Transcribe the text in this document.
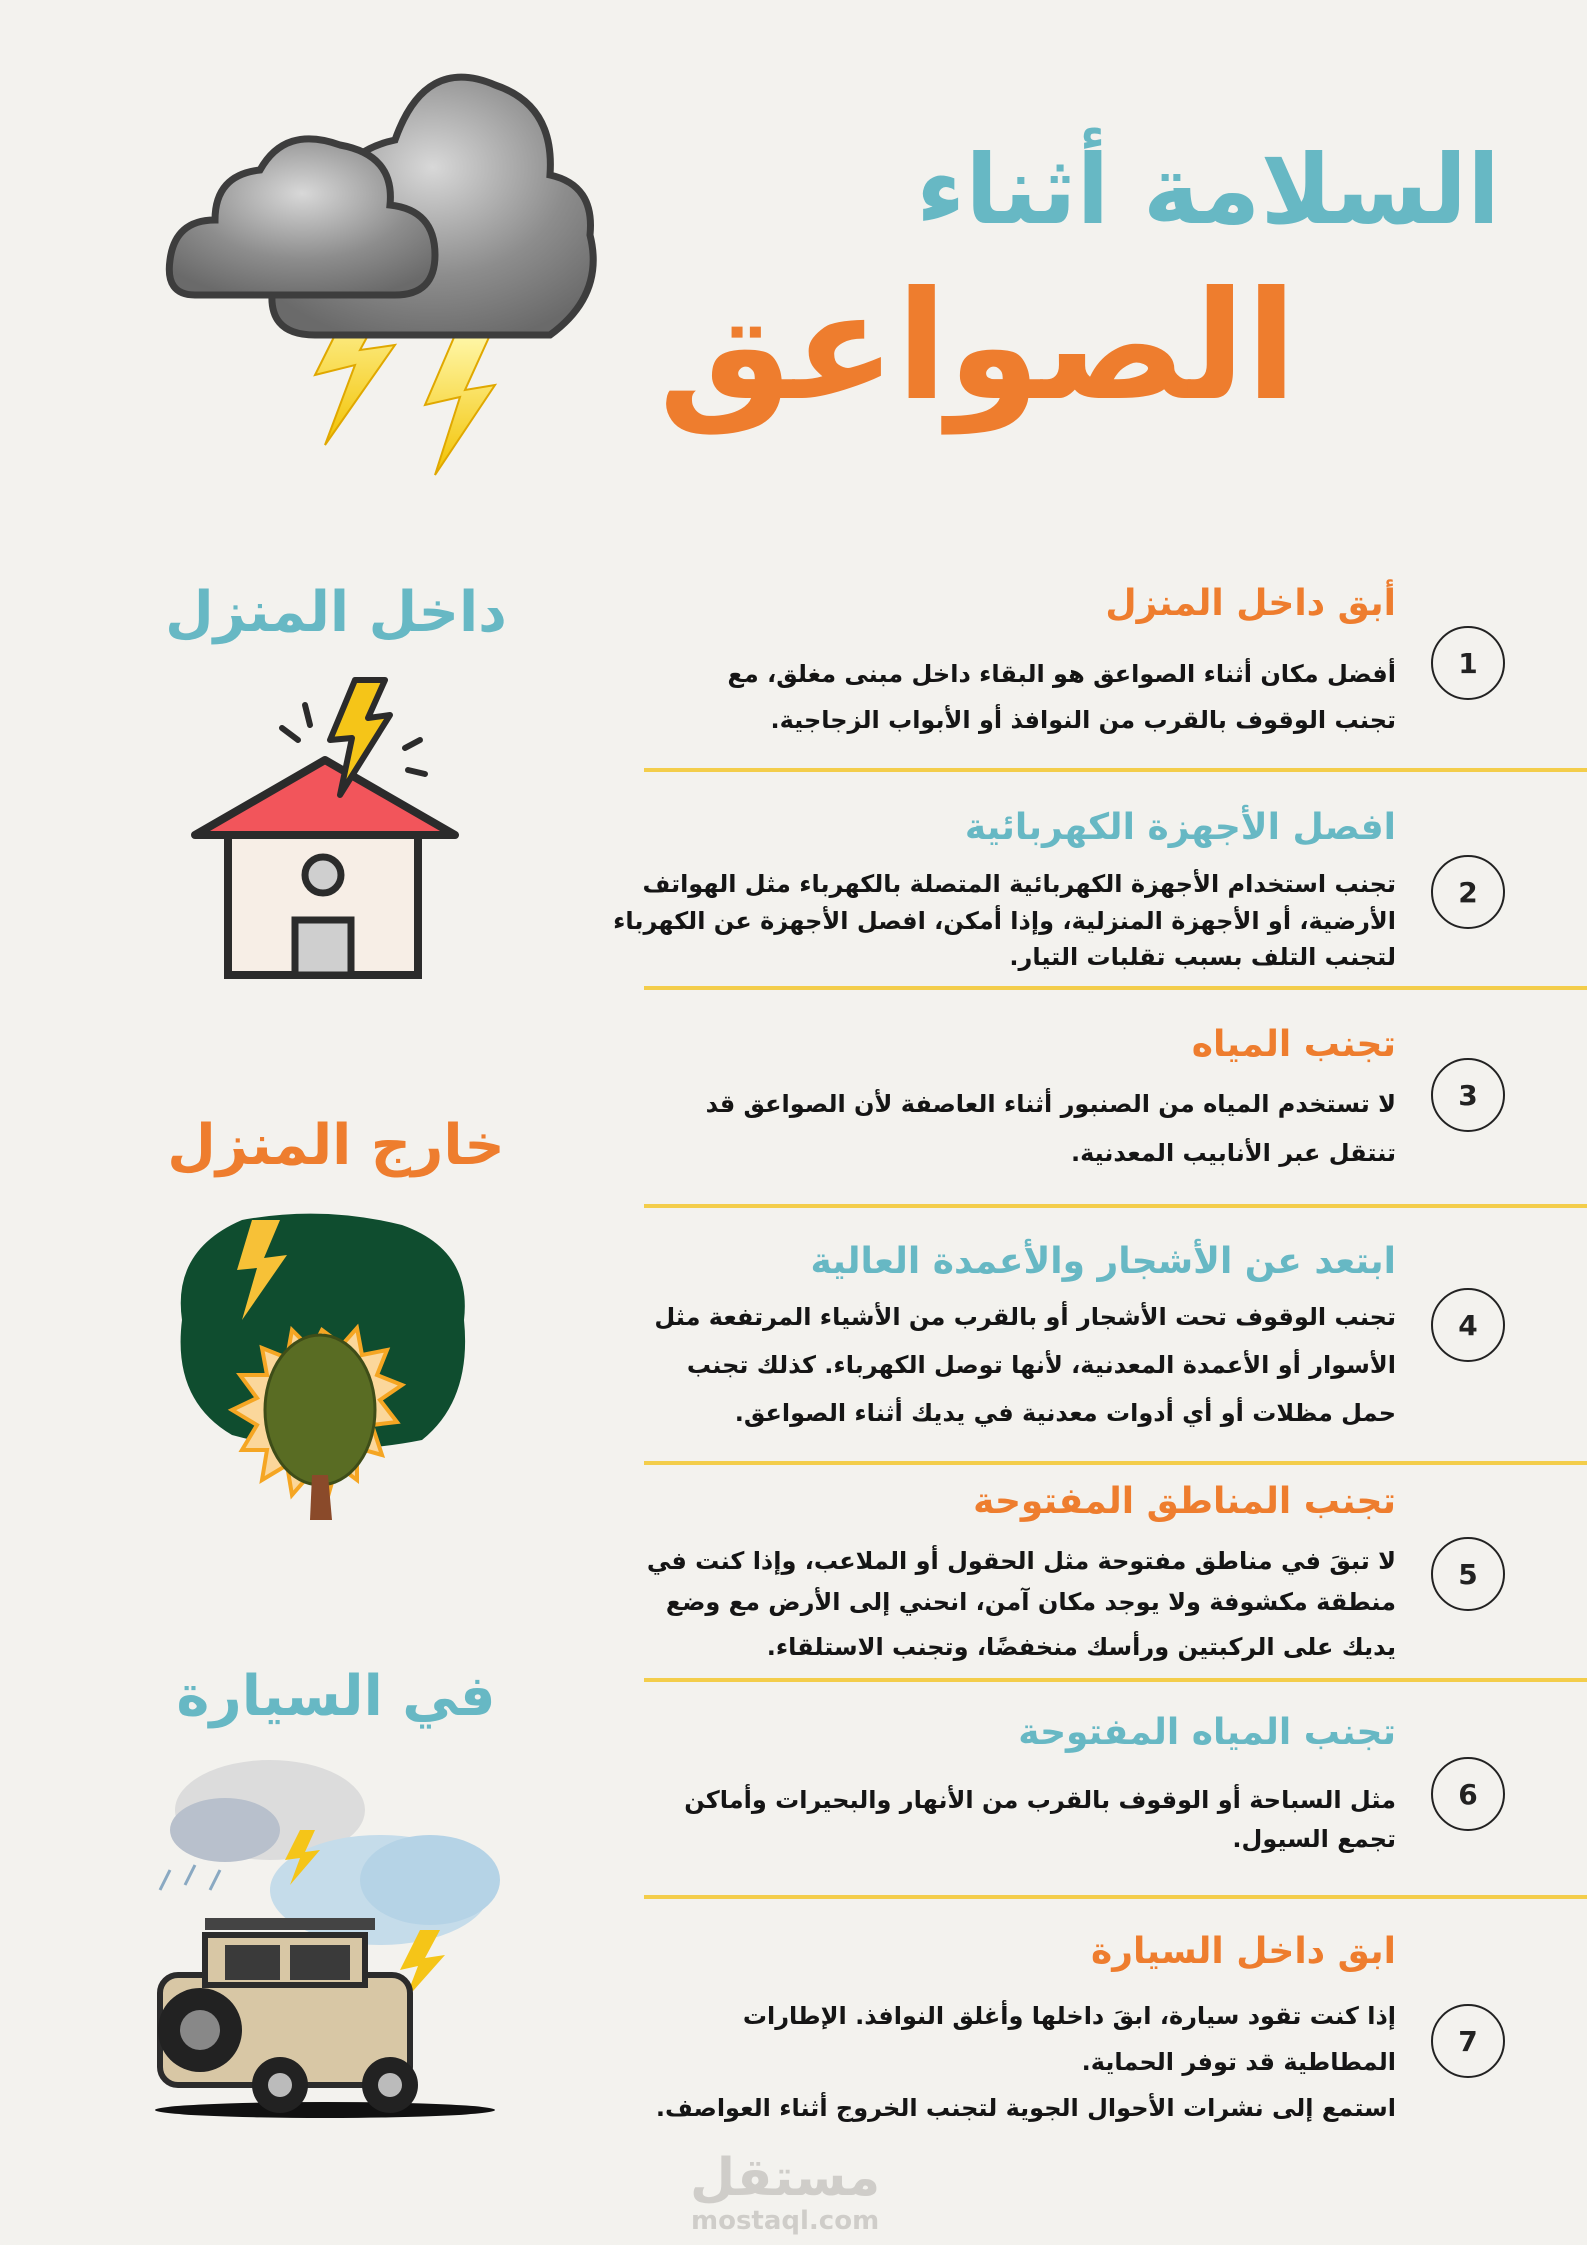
السلامة أثناء
الصواعق
داخل المنزل
خارج المنزل
في السيارة
أبق داخل المنزل
أفضل مكان أثناء الصواعق هو البقاء داخل مبنى مغلق، مع
تجنب الوقوف بالقرب من النوافذ أو الأبواب الزجاجية.
1
افصل الأجهزة الكهربائية
تجنب استخدام الأجهزة الكهربائية المتصلة بالكهرباء مثل الهواتف
الأرضية، أو الأجهزة المنزلية، وإذا أمكن، افصل الأجهزة عن الكهرباء
لتجنب التلف بسبب تقلبات التيار.
2
تجنب المياه
لا تستخدم المياه من الصنبور أثناء العاصفة لأن الصواعق قد
تنتقل عبر الأنابيب المعدنية.
3
ابتعد عن الأشجار والأعمدة العالية
تجنب الوقوف تحت الأشجار أو بالقرب من الأشياء المرتفعة مثل
الأسوار أو الأعمدة المعدنية، لأنها توصل الكهرباء. كذلك تجنب
حمل مظلات أو أي أدوات معدنية في يديك أثناء الصواعق.
4
تجنب المناطق المفتوحة
لا تبقَ في مناطق مفتوحة مثل الحقول أو الملاعب، وإذا كنت في
منطقة مكشوفة ولا يوجد مكان آمن، انحني إلى الأرض مع وضع
يديك على الركبتين ورأسك منخفضًا، وتجنب الاستلقاء.
5
تجنب المياه المفتوحة
مثل السباحة أو الوقوف بالقرب من الأنهار والبحيرات وأماكن
تجمع السيول.
6
ابق داخل السيارة
إذا كنت تقود سيارة، ابقَ داخلها وأغلق النوافذ. الإطارات
المطاطية قد توفر الحماية.
استمع إلى نشرات الأحوال الجوية لتجنب الخروج أثناء العواصف.
7
مستقل
mostaql.com
